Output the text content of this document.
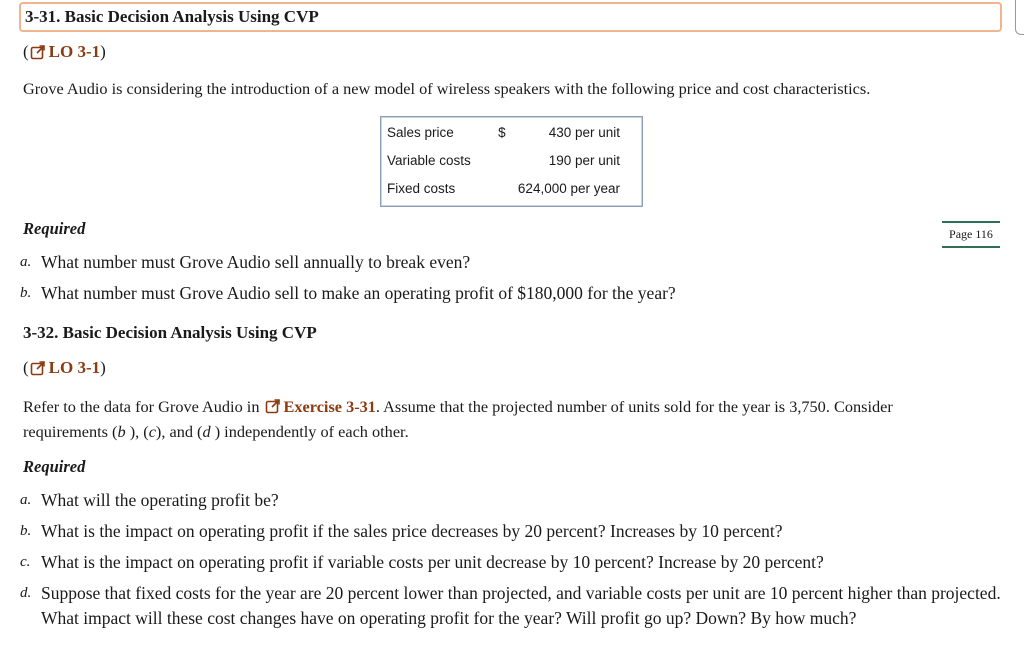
3-31. Basic Decision Analysis Using CVP
( LO 3-1 )
Grove Audio is considering the introduction of a new model of wireless speakers with the following price and cost characteristics.
Sales price	$	430 per unit
Variable costs		190 per unit
Fixed costs		624,000 per year
Required	Page 116
a. What number must Grove Audio sell annually to break even?
b. What number must Grove Audio sell to make an operating profit of $180,000 for the year?
3-32. Basic Decision Analysis Using CVP
( LO 3-1 )
Refer to the data for Grove Audio in Exercise 3-31. Assume that the projected number of units sold for the year is 3,750. Consider
requirements (b ), (c), and (d ) independently of each other.
Required
a. What will the operating profit be?
b. What is the impact on operating profit if the sales price decreases by 20 percent? Increases by 10 percent?
c. What is the impact on operating profit if variable costs per unit decrease by 10 percent? Increase by 20 percent?
d. Suppose that fixed costs for the year are 20 percent lower than projected, and variable costs per unit are 10 percent higher than projected. What impact will these cost changes have on operating profit for the year? Will profit go up? Down? By how much?
